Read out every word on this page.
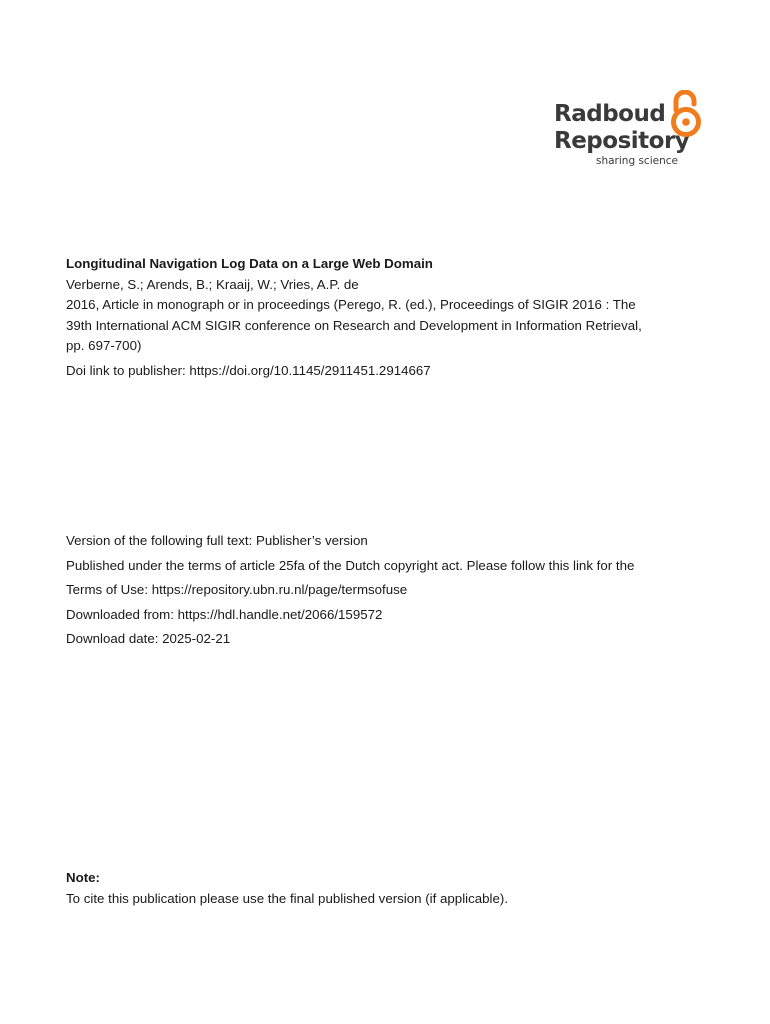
Radboud
Repository
sharing science
Longitudinal Navigation Log Data on a Large Web Domain
Verberne, S.; Arends, B.; Kraaij, W.; Vries, A.P. de
2016, Article in monograph or in proceedings (Perego, R. (ed.), Proceedings of SIGIR 2016 : The
39th International ACM SIGIR conference on Research and Development in Information Retrieval,
pp. 697-700)
Doi link to publisher: https://doi.org/10.1145/2911451.2914667
Version of the following full text: Publisher’s version
Published under the terms of article 25fa of the Dutch copyright act. Please follow this link for the
Terms of Use: https://repository.ubn.ru.nl/page/termsofuse
Downloaded from: https://hdl.handle.net/2066/159572
Download date: 2025-02-21
Note:
To cite this publication please use the final published version (if applicable).
